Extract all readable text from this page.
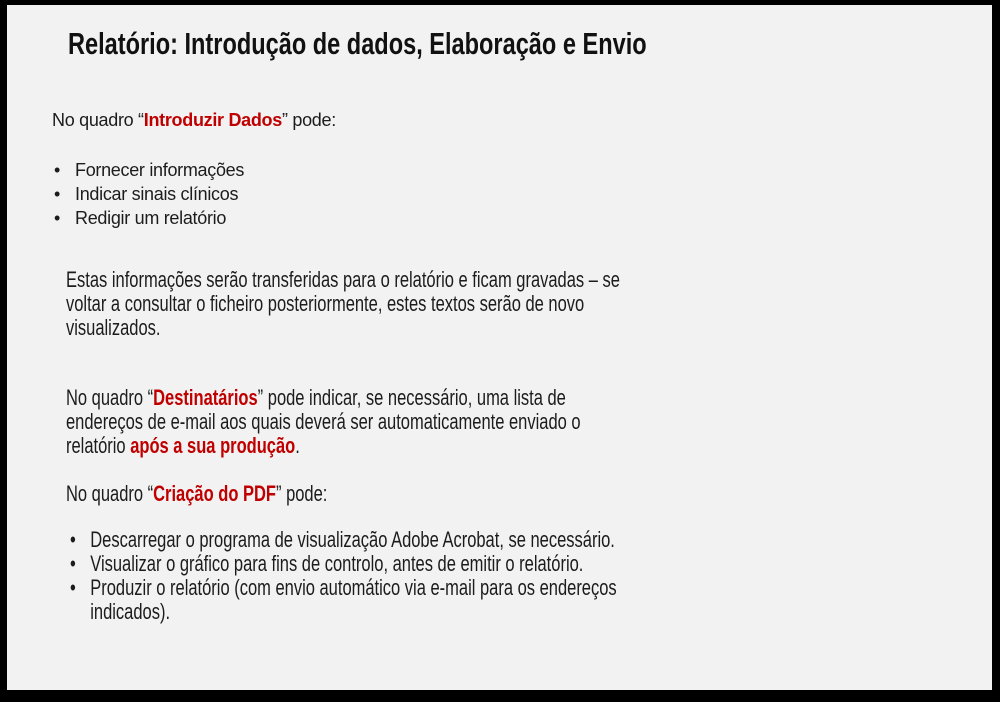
Relatório: Introdução de dados, Elaboração e Envio
No quadro “Introduzir Dados” pode:
• Fornecer informações
• Indicar sinais clínicos
• Redigir um relatório
Estas informações serão transferidas para o relatório e ficam gravadas – se
voltar a consultar o ficheiro posteriormente, estes textos serão de novo
visualizados.
No quadro “Destinatários” pode indicar, se necessário, uma lista de
endereços de e-mail aos quais deverá ser automaticamente enviado o
relatório após a sua produção.
No quadro “Criação do PDF” pode:
• Descarregar o programa de visualização Adobe Acrobat, se necessário.
• Visualizar o gráfico para fins de controlo, antes de emitir o relatório.
• Produzir o relatório (com envio automático via e-mail para os endereços
indicados).
